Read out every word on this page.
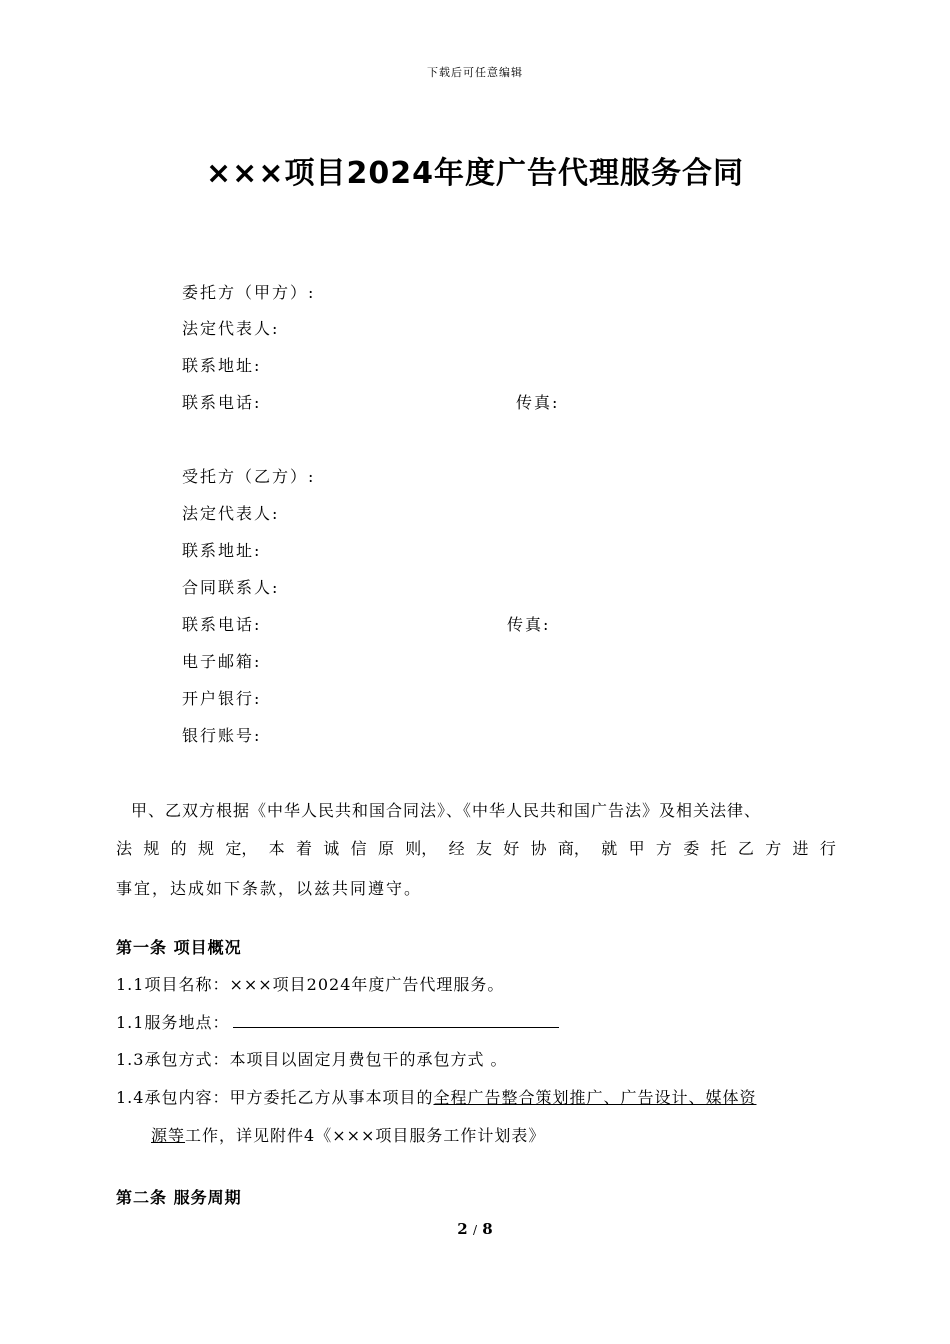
下载后可任意编辑
×××项目2024年度广告代理服务合同
委托方（甲方）:
法定代表人:
联系地址:
联系电话:	传真:
受托方（乙方）:
法定代表人:
联系地址:
合同联系人:
联系电话:	传真:
电子邮箱:
开户银行:
银行账号:
甲、乙双方根据《中华人民共和国合同法》、《中华人民共和国广告法》及相关法律、
法 规 的 规 定， 本 着 诚 信 原 则， 经 友 好 协 商， 就 甲 方 委 托 乙 方 进 行
事宜，达成如下条款，以兹共同遵守。
第一条 项目概况
1.1项目名称：×××项目2024年度广告代理服务。
1.1服务地点：
1.3承包方式：本项目以固定月费包干的承包方式 。
1.4承包内容：甲方委托乙方从事本项目的全程广告整合策划推广、广告设计、媒体资
源等工作，详见附件4《×××项目服务工作计划表》
第二条 服务周期
2 / 8
